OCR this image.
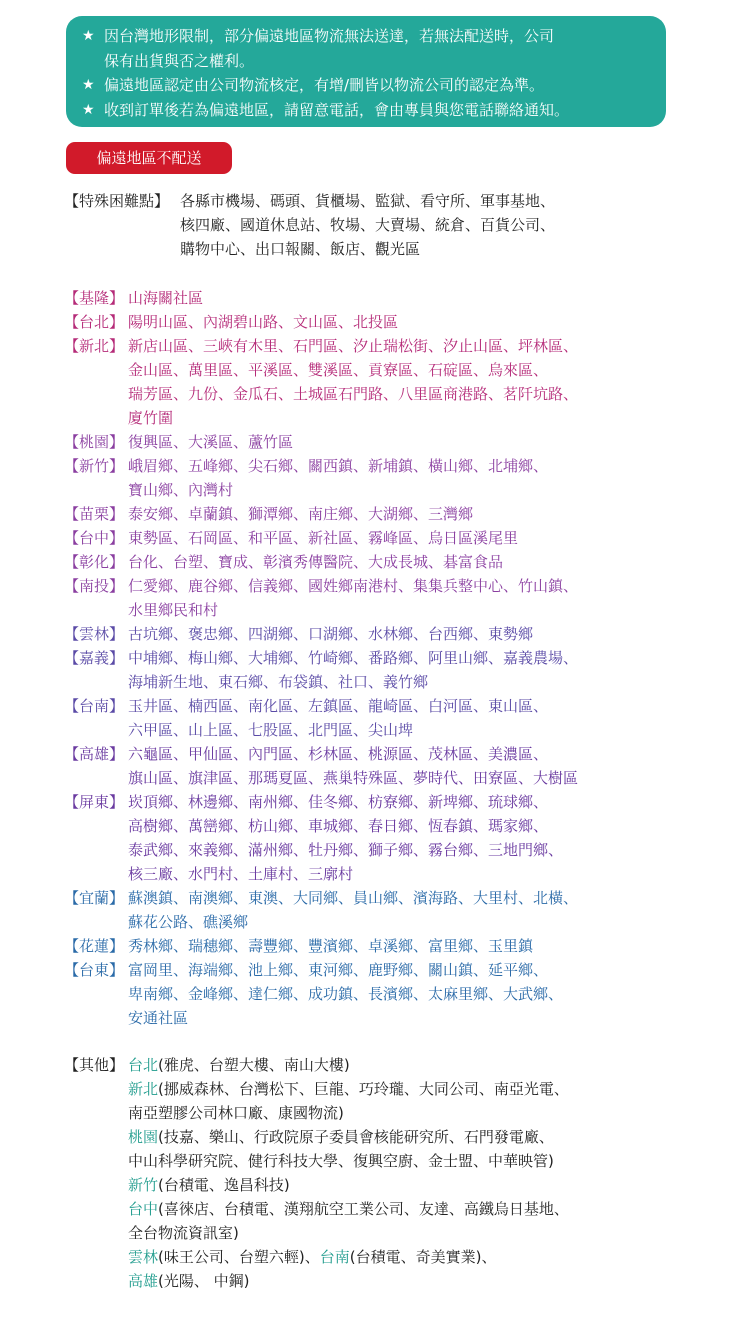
★ 因台灣地形限制，部分偏遠地區物流無法送達，若無法配送時，公司
保有出貨與否之權利。
★ 偏遠地區認定由公司物流核定，有增/刪皆以物流公司的認定為準。
★ 收到訂單後若為偏遠地區，請留意電話，會由專員與您電話聯絡通知。
偏遠地區不配送
【特殊困難點】 各縣市機場、碼頭、貨櫃場、監獄、看守所、軍事基地、
核四廠、國道休息站、牧場、大賣場、統倉、百貨公司、
購物中心、出口報關、飯店、觀光區
【基隆】 山海關社區
【台北】 陽明山區、內湖碧山路、文山區、北投區
【新北】 新店山區、三峽有木里、石門區、汐止瑞松街、汐止山區、坪林區、
金山區、萬里區、平溪區、雙溪區、貢寮區、石碇區、烏來區、
瑞芳區、九份、金瓜石、土城區石門路、八里區商港路、茗阡坑路、
廈竹圍
【桃園】 復興區、大溪區、蘆竹區
【新竹】 峨眉鄉、五峰鄉、尖石鄉、關西鎮、新埔鎮、橫山鄉、北埔鄉、
寶山鄉、內灣村
【苗栗】 泰安鄉、卓蘭鎮、獅潭鄉、南庄鄉、大湖鄉、三灣鄉
【台中】 東勢區、石岡區、和平區、新社區、霧峰區、烏日區溪尾里
【彰化】 台化、台塑、寶成、彰濱秀傳醫院、大成長城、碁富食品
【南投】 仁愛鄉、鹿谷鄉、信義鄉、國姓鄉南港村、集集兵整中心、竹山鎮、
水里鄉民和村
【雲林】 古坑鄉、褒忠鄉、四湖鄉、口湖鄉、水林鄉、台西鄉、東勢鄉
【嘉義】 中埔鄉、梅山鄉、大埔鄉、竹崎鄉、番路鄉、阿里山鄉、嘉義農場、
海埔新生地、東石鄉、布袋鎮、社口、義竹鄉
【台南】 玉井區、楠西區、南化區、左鎮區、龍崎區、白河區、東山區、
六甲區、山上區、七股區、北門區、尖山埤
【高雄】 六龜區、甲仙區、內門區、杉林區、桃源區、茂林區、美濃區、
旗山區、旗津區、那瑪夏區、燕巢特殊區、夢時代、田寮區、大樹區
【屏東】 崁頂鄉、林邊鄉、南州鄉、佳冬鄉、枋寮鄉、新埤鄉、琉球鄉、
高樹鄉、萬巒鄉、枋山鄉、車城鄉、春日鄉、恆春鎮、瑪家鄉、
泰武鄉、來義鄉、滿州鄉、牡丹鄉、獅子鄉、霧台鄉、三地門鄉、
核三廠、水門村、土庫村、三廓村
【宜蘭】 蘇澳鎮、南澳鄉、東澳、大同鄉、員山鄉、濱海路、大里村、北橫、
蘇花公路、礁溪鄉
【花蓮】 秀林鄉、瑞穗鄉、壽豐鄉、豐濱鄉、卓溪鄉、富里鄉、玉里鎮
【台東】 富岡里、海端鄉、池上鄉、東河鄉、鹿野鄉、關山鎮、延平鄉、
卑南鄉、金峰鄉、達仁鄉、成功鎮、長濱鄉、太麻里鄉、大武鄉、
安通社區
【其他】 台北(雅虎、台塑大樓、南山大樓)
新北(挪威森林、台灣松下、巨龍、巧玲瓏、大同公司、南亞光電、
南亞塑膠公司林口廠、康國物流)
桃園(技嘉、樂山、行政院原子委員會核能研究所、石門發電廠、
中山科學研究院、健行科技大學、復興空廚、金士盟、中華映管)
新竹(台積電、逸昌科技)
台中(喜徠店、台積電、漢翔航空工業公司、友達、高鐵烏日基地、
全台物流資訊室)
雲林(味王公司、台塑六輕)、台南(台積電、奇美實業)、
高雄(光陽、 中鋼)
